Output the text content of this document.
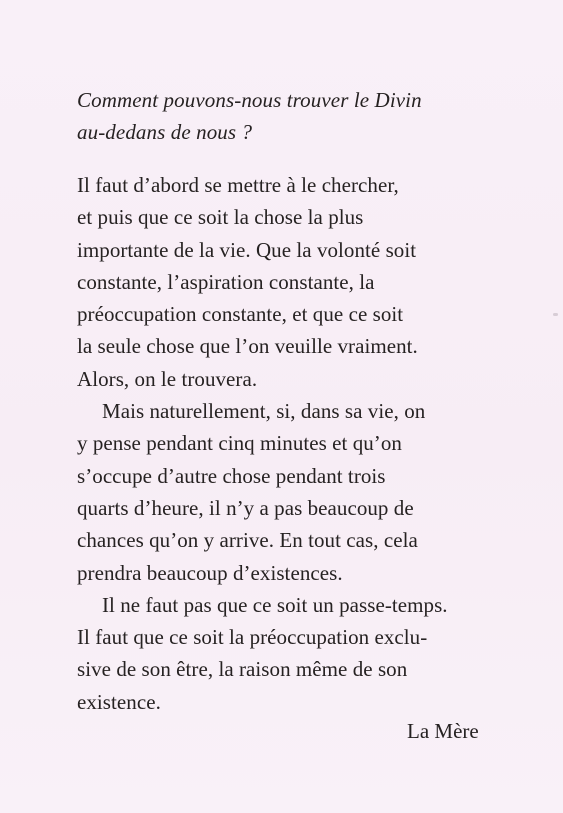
Comment pouvons-nous trouver le Divin
au-dedans de nous ?
Il faut d’abord se mettre à le chercher,
et puis que ce soit la chose la plus
importante de la vie. Que la volonté soit
constante, l’aspiration constante, la
préoccupation constante, et que ce soit
la seule chose que l’on veuille vraiment.
Alors, on le trouvera.
Mais naturellement, si, dans sa vie, on
y pense pendant cinq minutes et qu’on
s’occupe d’autre chose pendant trois
quarts d’heure, il n’y a pas beaucoup de
chances qu’on y arrive. En tout cas, cela
prendra beaucoup d’existences.
Il ne faut pas que ce soit un passe-temps.
Il faut que ce soit la préoccupation exclu-
sive de son être, la raison même de son
existence.
La Mère
